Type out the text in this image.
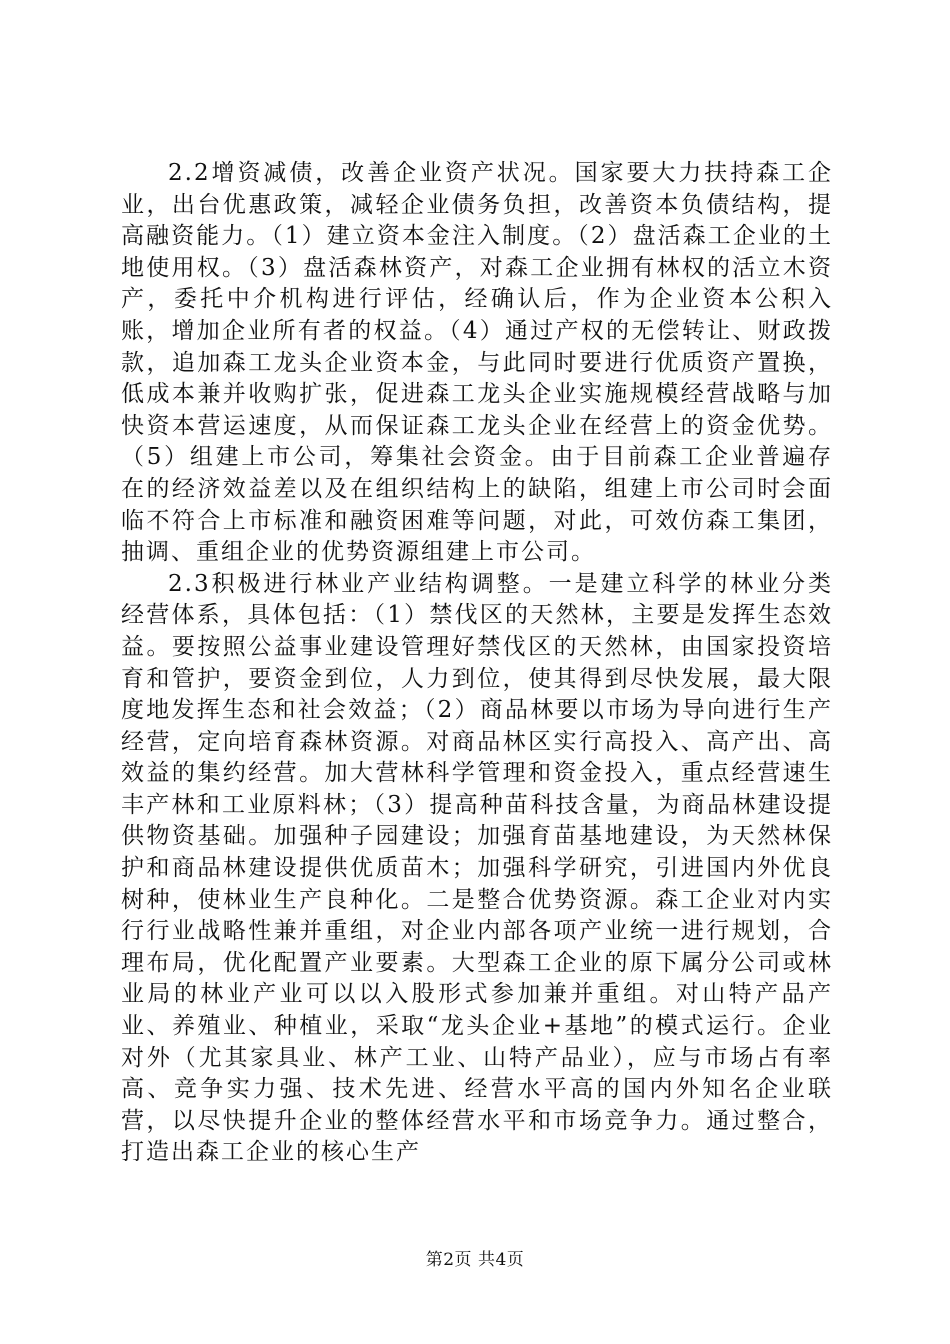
2.2增资减债，改善企业资产状况。国家要大力扶持森工企业，出台优惠政策，减轻企业债务负担，改善资本负债结构，提高融资能力。（1）建立资本金注入制度。（2）盘活森工企业的土地使用权。（3）盘活森林资产，对森工企业拥有林权的活立木资产，委托中介机构进行评估，经确认后，作为企业资本公积入账，增加企业所有者的权益。（4）通过产权的无偿转让、财政拨款，追加森工龙头企业资本金，与此同时要进行优质资产置换，低成本兼并收购扩张，促进森工龙头企业实施规模经营战略与加快资本营运速度，从而保证森工龙头企业在经营上的资金优势。（5）组建上市公司，筹集社会资金。由于目前森工企业普遍存在的经济效益差以及在组织结构上的缺陷，组建上市公司时会面临不符合上市标准和融资困难等问题，对此，可效仿森工集团，抽调、重组企业的优势资源组建上市公司。

2.3积极进行林业产业结构调整。一是建立科学的林业分类经营体系，具体包括：（1）禁伐区的天然林，主要是发挥生态效益。要按照公益事业建设管理好禁伐区的天然林，由国家投资培育和管护，要资金到位，人力到位，使其得到尽快发展，最大限度地发挥生态和社会效益；（2）商品林要以市场为导向进行生产经营，定向培育森林资源。对商品林区实行高投入、高产出、高效益的集约经营。加大营林科学管理和资金投入，重点经营速生丰产林和工业原料林；（3）提高种苗科技含量，为商品林建设提供物资基础。加强种子园建设；加强育苗基地建设，为天然林保护和商品林建设提供优质苗木；加强科学研究，引进国内外优良树种，使林业生产良种化。二是整合优势资源。森工企业对内实行行业战略性兼并重组，对企业内部各项产业统一进行规划，合理布局，优化配置产业要素。大型森工企业的原下属分公司或林业局的林业产业可以以入股形式参加兼并重组。对山特产品产业、养殖业、种植业，采取“龙头企业+基地”的模式运行。企业对外（尤其家具业、林产工业、山特产品业），应与市场占有率高、竞争实力强、技术先进、经营水平高的国内外知名企业联营，以尽快提升企业的整体经营水平和市场竞争力。通过整合，打造出森工企业的核心生产

第2页 共4页
